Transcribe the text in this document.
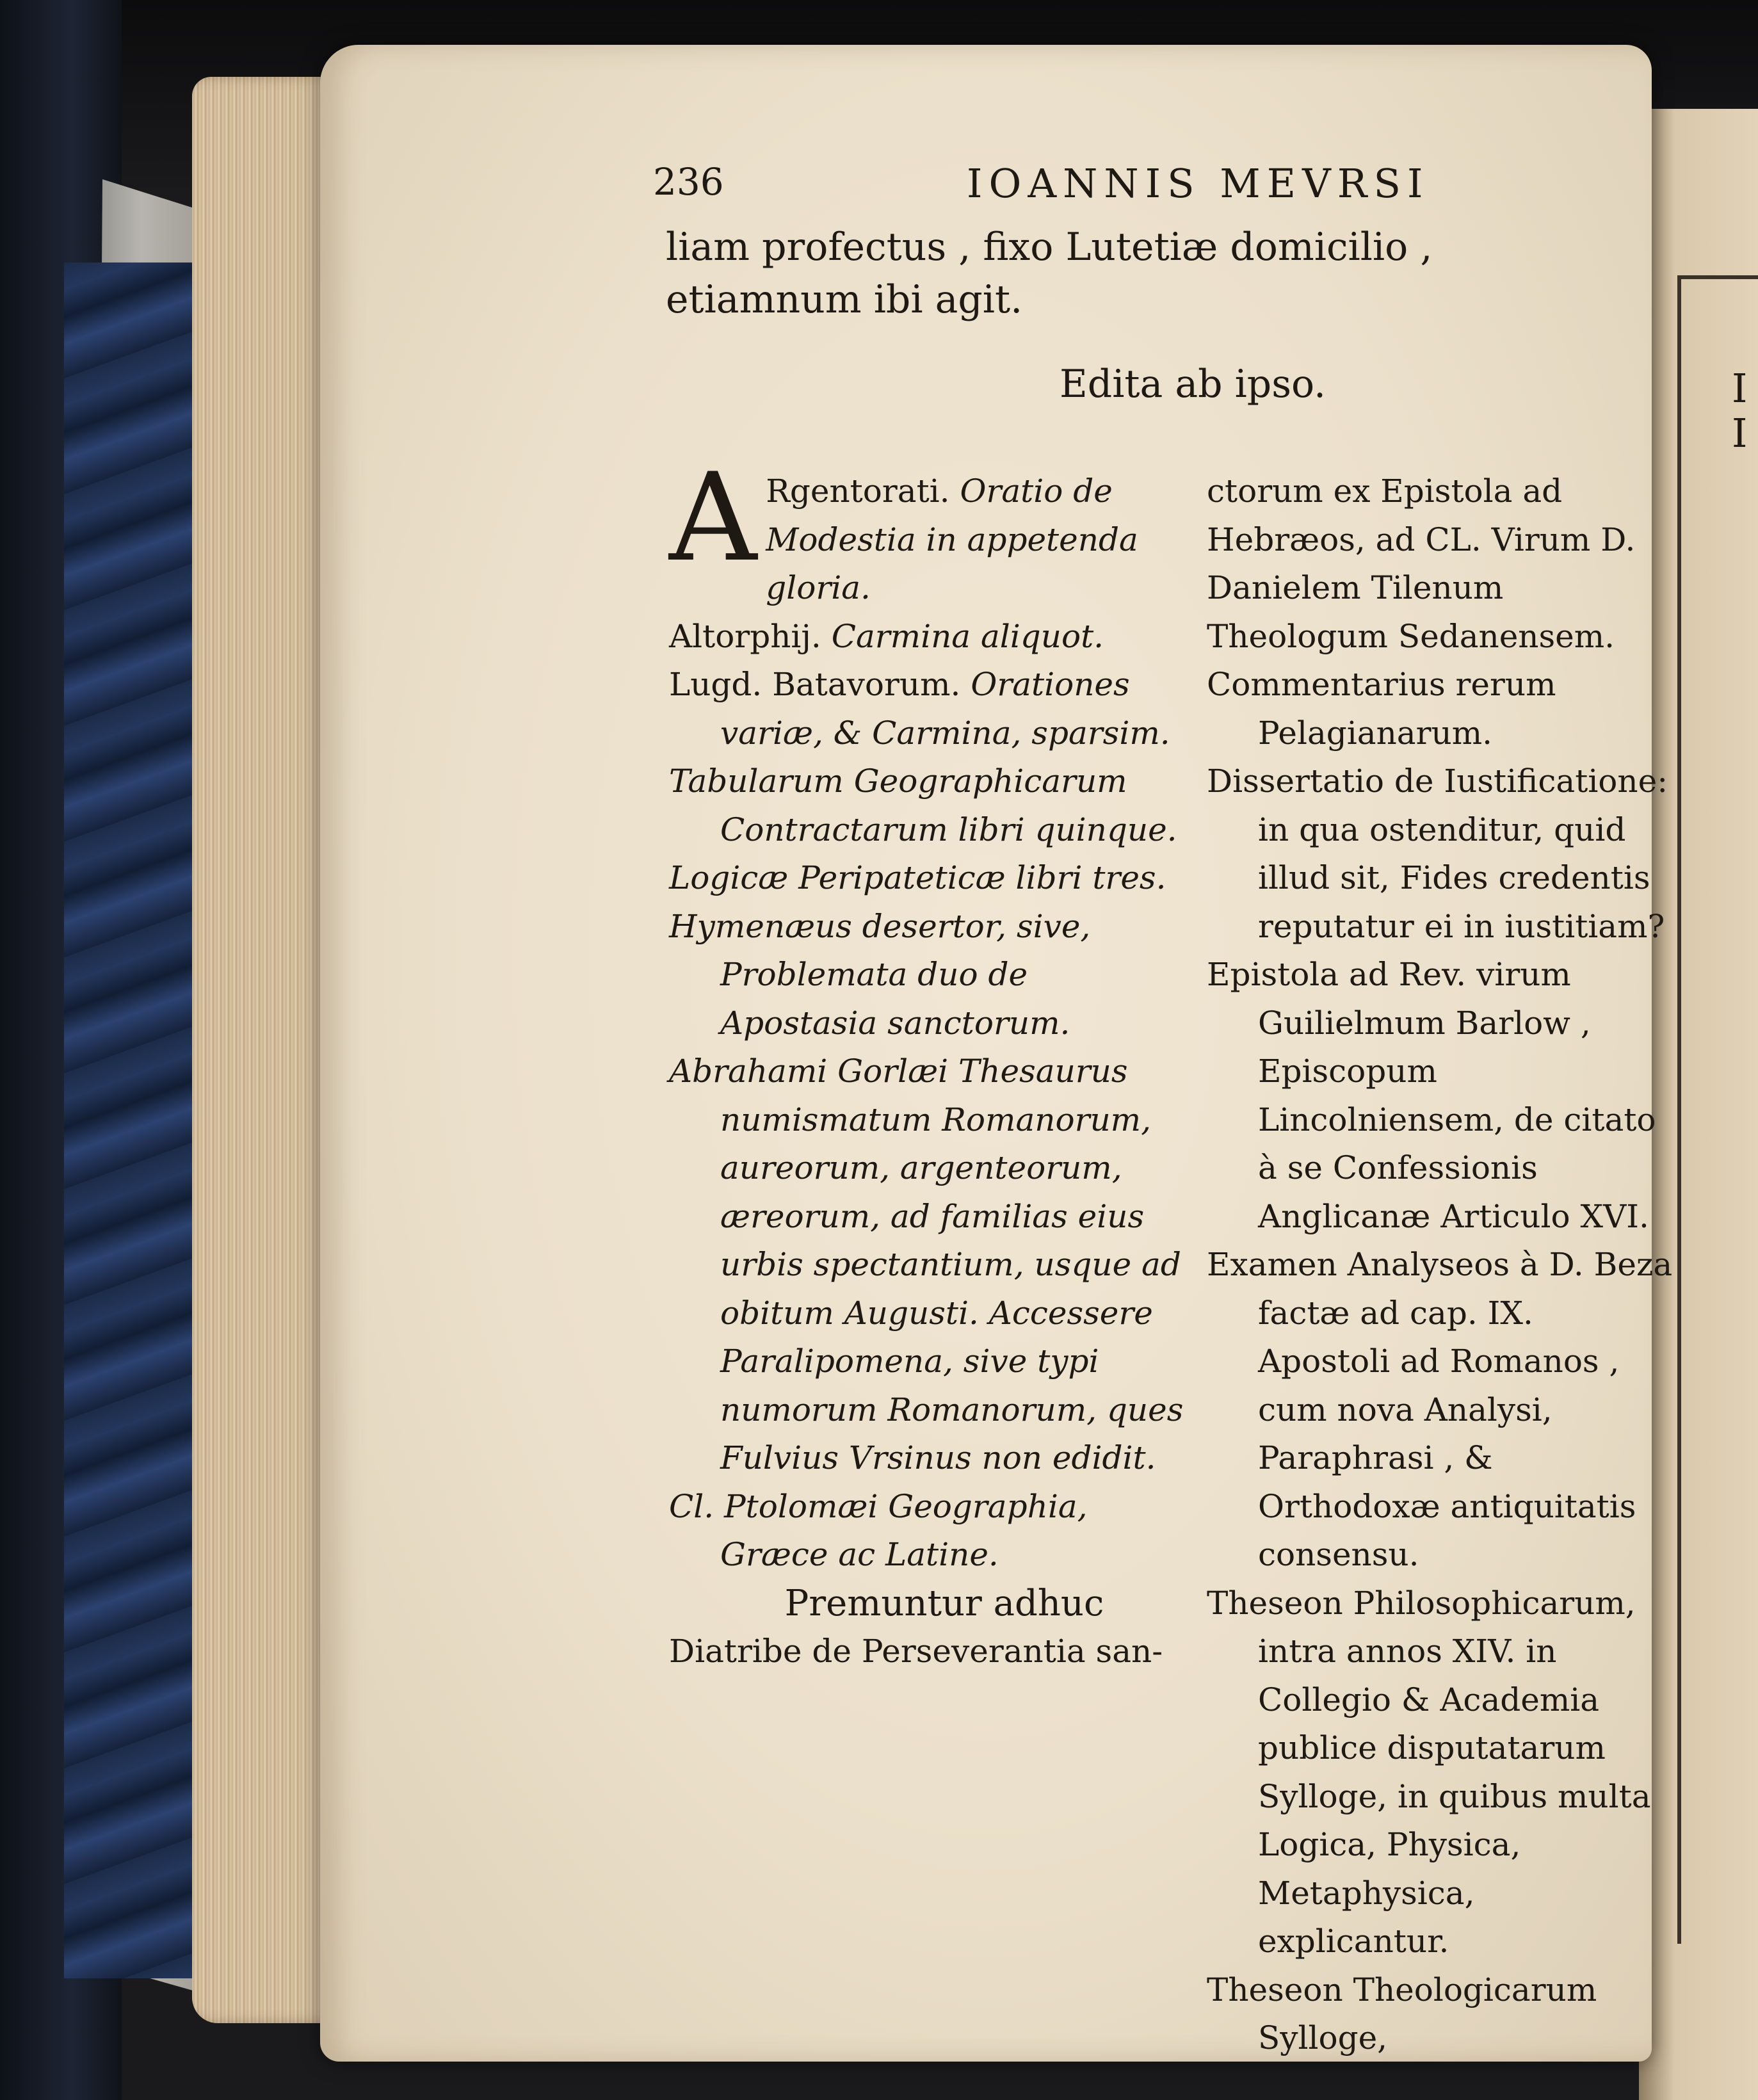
I
I
236	IOANNIS MEVRSI
liam profectus , fixo Lutetiæ domicilio , etiamnum ibi agit.
Edita ab ipso.
A Rgentorati. Oratio de Modestia in appetenda gloria.
Altorphij. Carmina aliquot.
Lugd. Batavorum. Orationes variæ, & Carmina, sparsim.
Tabularum Geographicarum Contractarum libri quinque.
Logicæ Peripateticæ libri tres.
Hymenæus desertor, sive, Problemata duo de Apostasia sanctorum.
Abrahami Gorlæi Thesaurus numismatum Romanorum, aureorum, argenteorum, æreorum, ad familias eius urbis spectantium, usque ad obitum Augusti. Accessere Paralipomena, sive typi numorum Romanorum, ques Fulvius Vrsinus non edidit.
Cl. Ptolomæi Geographia, Græce ac Latine.
Premuntur adhuc
Diatribe de Perseverantia san-
ctorum ex Epistola ad Hebræos, ad CL. Virum D. Danielem Tilenum Theologum Sedanensem.
Commentarius rerum Pelagianarum.
Dissertatio de Iustificatione: in qua ostenditur, quid illud sit, Fides credentis reputatur ei in iustitiam?
Epistola ad Rev. virum Guilielmum Barlow , Episcopum Lincolniensem, de citato à se Confessionis Anglicanæ Articulo XVI.
Examen Analyseos à D. Beza factæ ad cap. IX. Apostoli ad Romanos , cum nova Analysi, Paraphrasi , & Orthodoxæ antiquitatis consensu.
Theseon Philosophicarum, intra annos XIV. in Collegio & Academia publice disputatarum Sylloge, in quibus multa Logica, Physica, Metaphysica, explicantur.
Theseon Theologicarum Sylloge,
